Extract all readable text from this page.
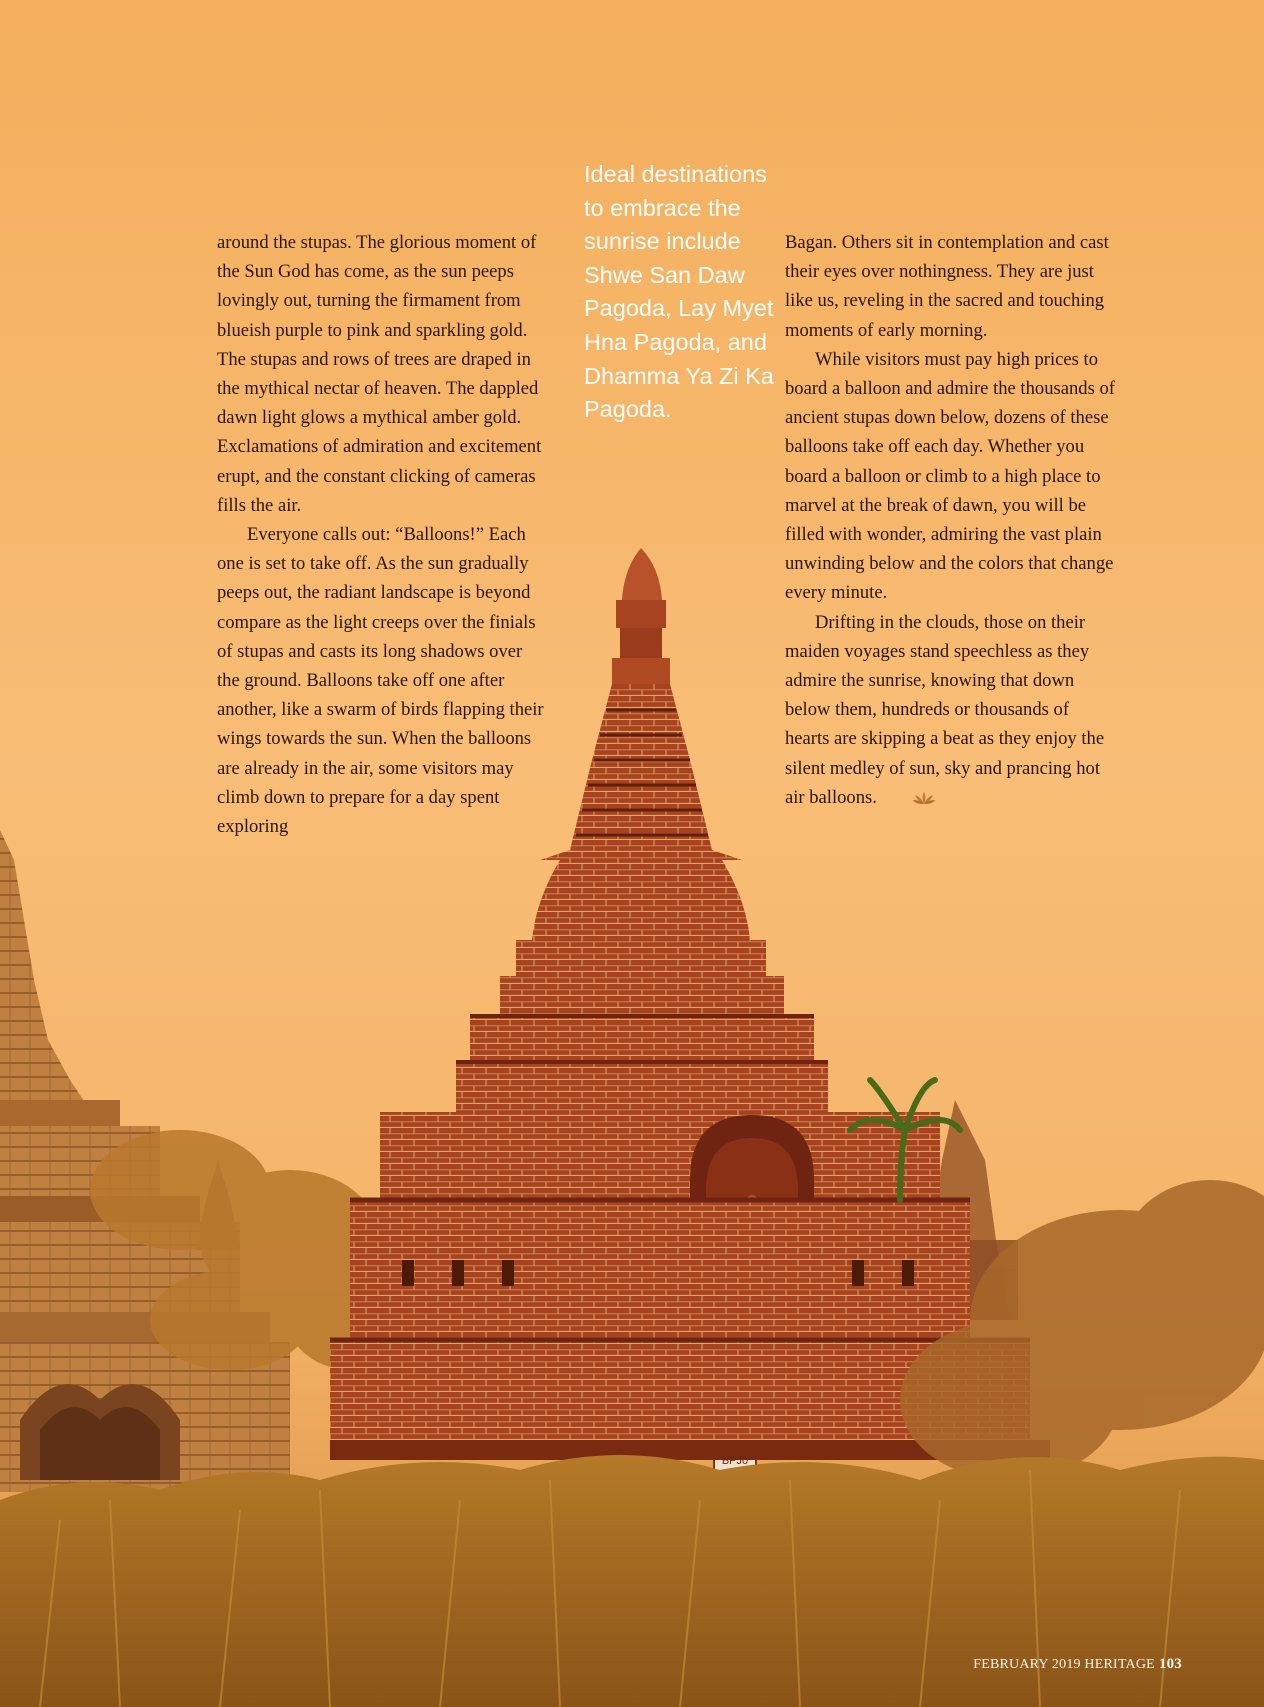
BPJ0

around the stupas. The glorious moment of the Sun God has come, as the sun peeps lovingly out, turning the firmament from blueish purple to pink and sparkling gold. The stupas and rows of trees are draped in the mythical nectar of heaven. The dappled dawn light glows a mythical amber gold. Exclamations of admiration and excitement erupt, and the constant clicking of cameras fills the air.

Everyone calls out: “Balloons!” Each one is set to take off. As the sun gradually peeps out, the radiant landscape is beyond compare as the light creeps over the finials of stupas and casts its long shadows over the ground. Balloons take off one after another, like a swarm of birds flapping their wings towards the sun. When the balloons are already in the air, some visitors may climb down to prepare for a day spent exploring

Ideal destinations to embrace the sunrise include Shwe San Daw Pagoda, Lay Myet Hna Pagoda, and Dhamma Ya Zi Ka Pagoda.

Bagan. Others sit in contemplation and cast their eyes over nothingness. They are just like us, reveling in the sacred and touching moments of early morning.

While visitors must pay high prices to board a balloon and admire the thousands of ancient stupas down below, dozens of these balloons take off each day. Whether you board a balloon or climb to a high place to marvel at the break of dawn, you will be filled with wonder, admiring the vast plain unwinding below and the colors that change every minute.

Drifting in the clouds, those on their maiden voyages stand speechless as they admire the sunrise, knowing that down below them, hundreds or thousands of hearts are skipping a beat as they enjoy the silent medley of sun, sky and prancing hot air balloons.

FEBRUARY 2019 HERITAGE 103
